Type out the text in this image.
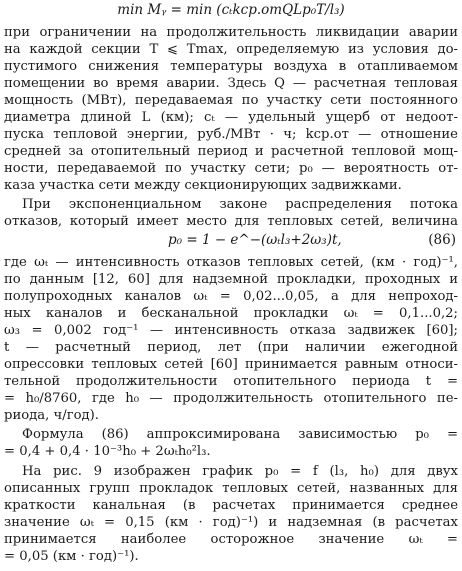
min Mᵧ = min (cₜkср.отQLp₀T/l₃)
при ограничении на продолжительность ликвидации аварии
на каждой секции T ⩽ Tmax, определяемую из условия до-
пустимого снижения температуры воздуха в отапливаемом
помещении во время аварии. Здесь Q — расчетная тепловая
мощность (МВт), передаваемая по участку сети постоянного
диаметра длиной L (км); cₜ — удельный ущерб от недоот-
пуска тепловой энергии, руб./МВт · ч; kср.от — отношение
средней за отопительный период и расчетной тепловой мощ-
ности, передаваемой по участку сети; p₀ — вероятность от-
каза участка сети между секционирующих задвижками.
При экспоненциальном законе распределения потока
отказов, который имеет место для тепловых сетей, величина
p₀ = 1 − e^−(ωₜl₃+2ω₃)t,	(86)
где ωₜ — интенсивность отказов тепловых сетей, (км · год)⁻¹,
по данным [12, 60] для надземной прокладки, проходных и
полупроходных каналов ωₜ = 0,02...0,05, а для непроход-
ных каналов и бесканальной прокладки ωₜ = 0,1...0,2;
ω₃ = 0,002 год⁻¹ — интенсивность отказа задвижек [60];
t — расчетный период, лет (при наличии ежегодной
опрессовки тепловых сетей [60] принимается равным относи-
тельной продолжительности отопительного периода t =
= h₀/8760, где h₀ — продолжительность отопительного пе-
риода, ч/год).
Формула (86) аппроксимирована зависимостью p₀ =
= 0,4 + 0,4 · 10⁻³h₀ + 2ωₜh₀²l₃.
На рис. 9 изображен график p₀ = f (l₃, h₀) для двух
описанных групп прокладок тепловых сетей, названных для
краткости канальная (в расчетах принимается среднее
значение ωₜ = 0,15 (км · год)⁻¹) и надземная (в расчетах
принимается наиболее осторожное значение ωₜ =
= 0,05 (км · год)⁻¹).
